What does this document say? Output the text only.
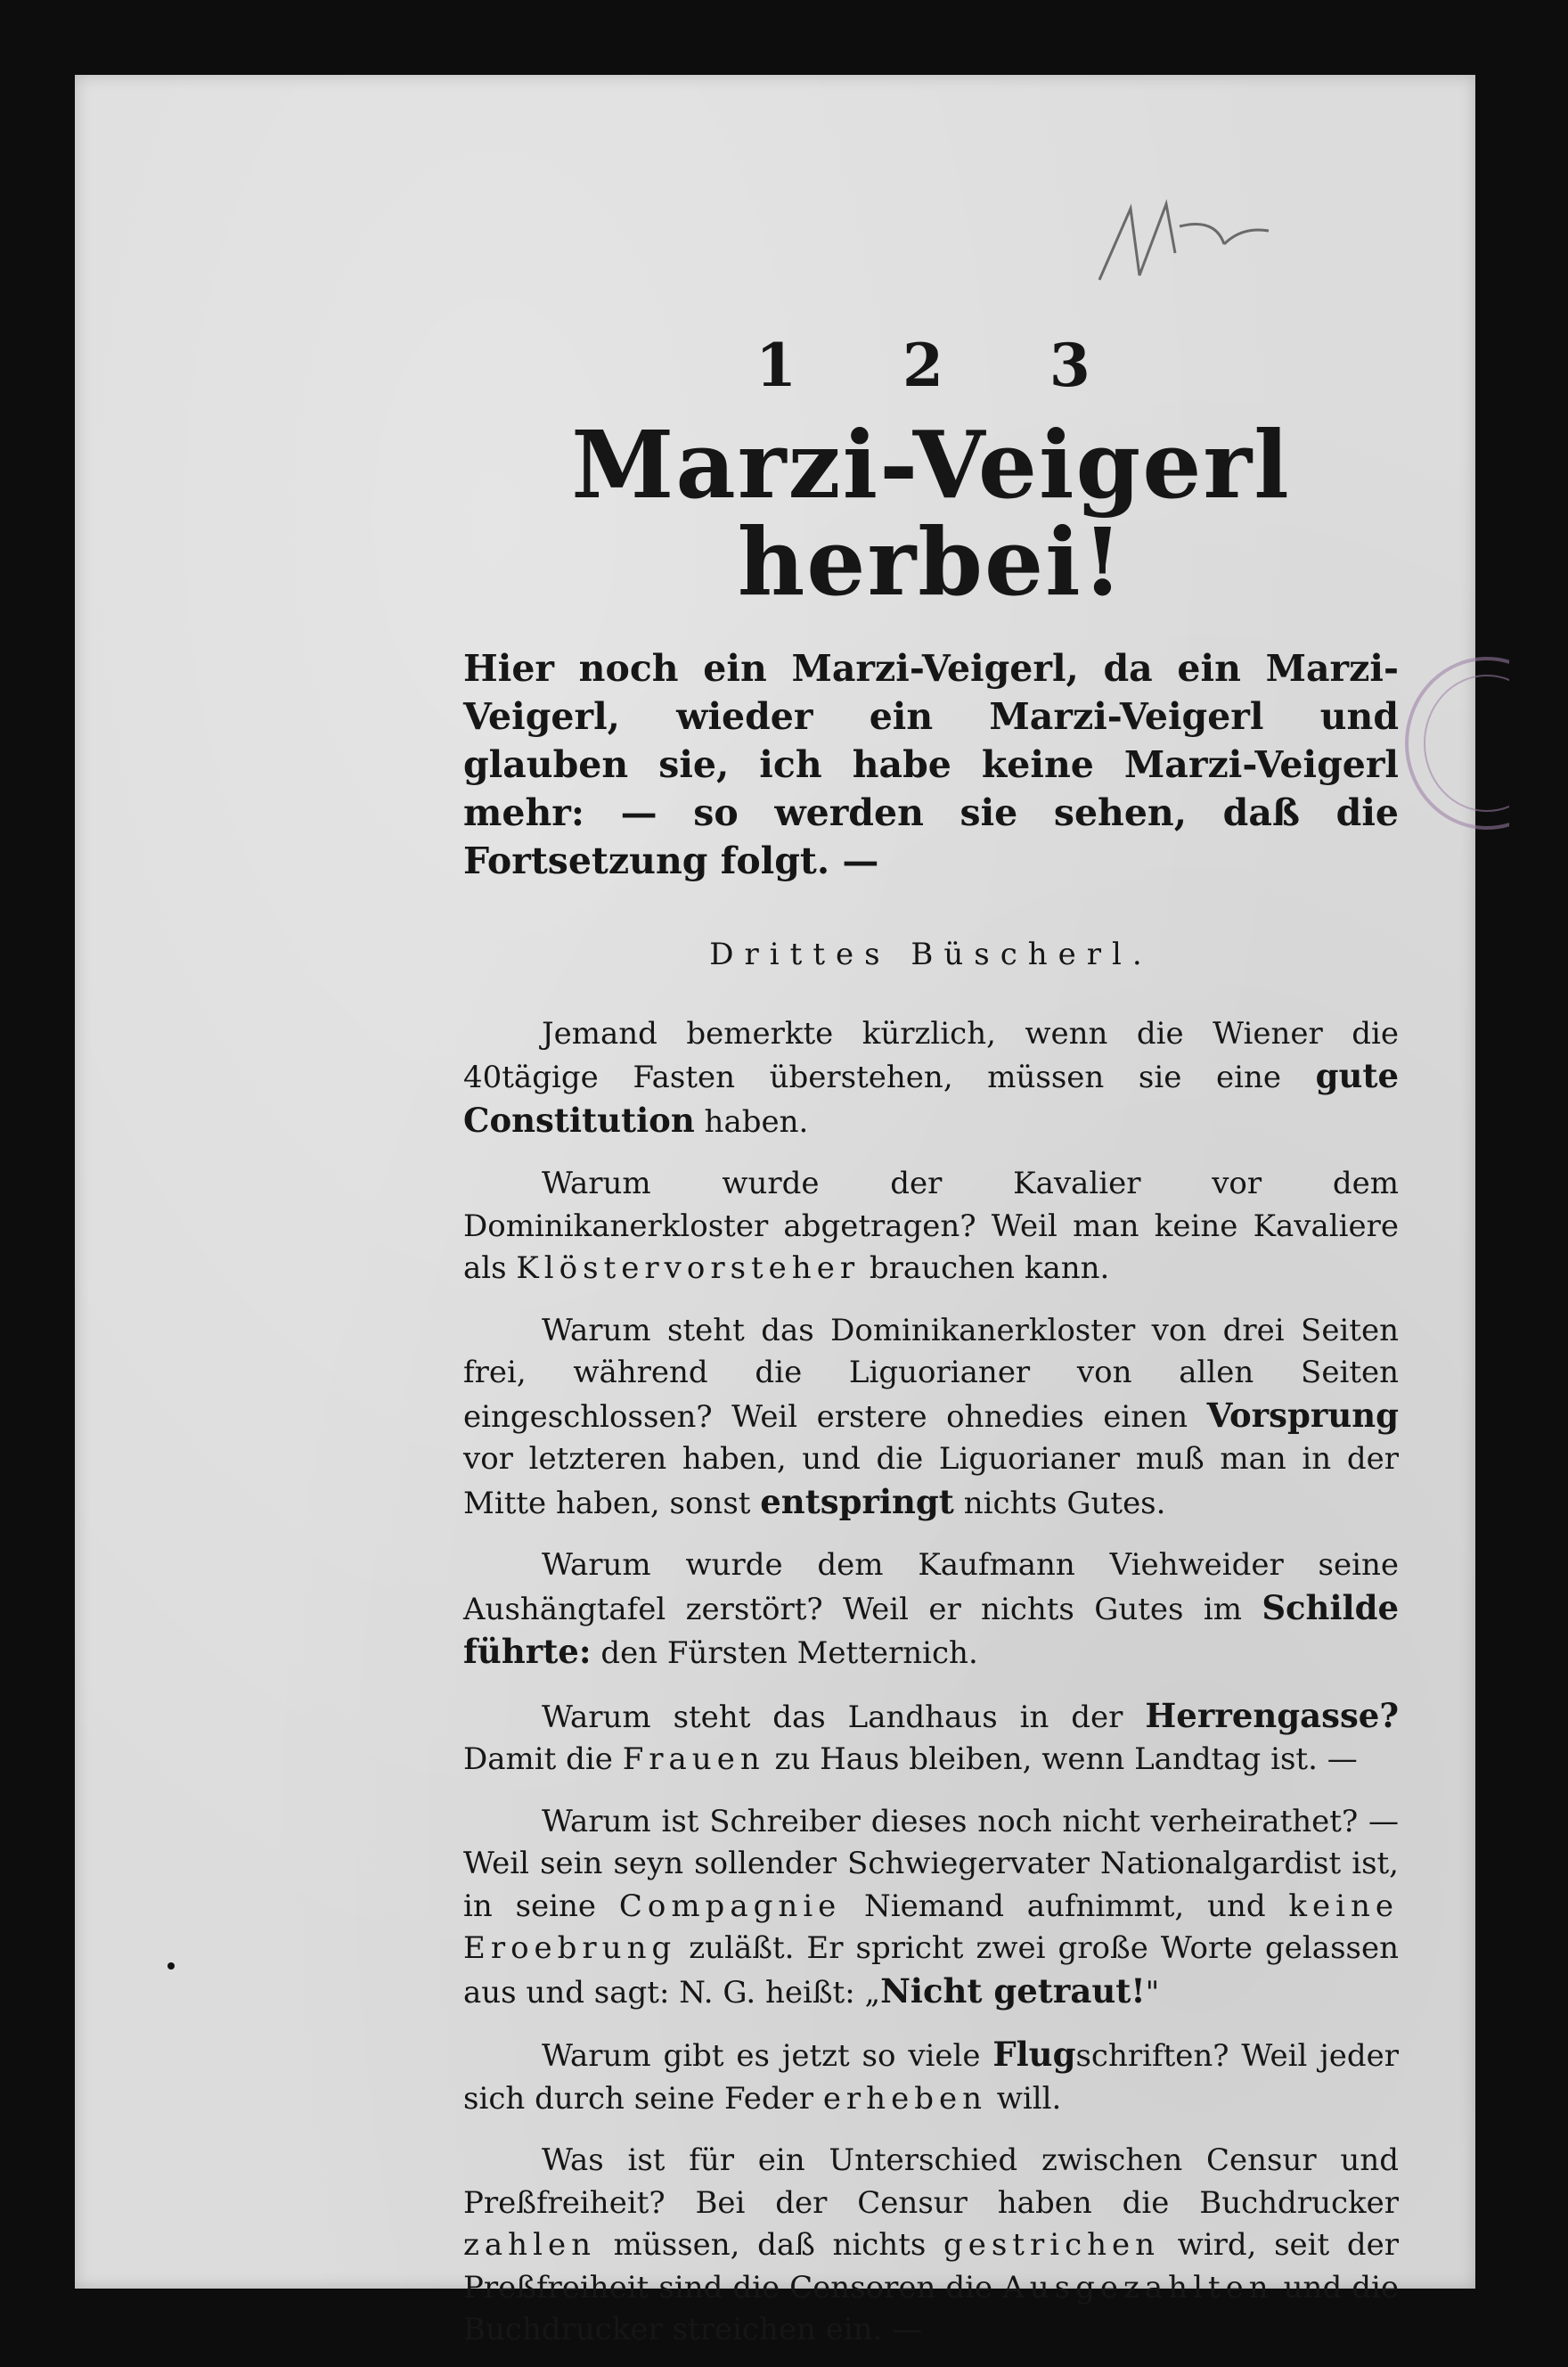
1 2 3
Marzi-Veigerl herbei!

Hier noch ein Marzi-Veigerl, da ein Marzi-Veigerl, wieder ein Marzi-Veigerl und glauben sie, ich habe keine Marzi-Veigerl mehr: — so werden sie sehen, daß die Fortsetzung folgt. —

Drittes Büscherl.

Jemand bemerkte kürzlich, wenn die Wiener die 40tägige Fasten überstehen, müssen sie eine gute Constitution haben.

Warum wurde der Kavalier vor dem Dominikanerkloster abgetragen? Weil man keine Kavaliere als Klöstervorsteher brauchen kann.

Warum steht das Dominikanerkloster von drei Seiten frei, während die Liguorianer von allen Seiten eingeschlossen? Weil erstere ohnedies einen Vorsprung vor letzteren haben, und die Liguorianer muß man in der Mitte haben, sonst entspringt nichts Gutes.

Warum wurde dem Kaufmann Viehweider seine Aushängtafel zerstört? Weil er nichts Gutes im Schilde führte: den Fürsten Metternich.

Warum steht das Landhaus in der Herrengasse? Damit die Frauen zu Haus bleiben, wenn Landtag ist. —

Warum ist Schreiber dieses noch nicht verheirathet? — Weil sein seyn sollender Schwiegervater Nationalgardist ist, in seine Compagnie Niemand aufnimmt, und keine Eroebrung zuläßt. Er spricht zwei große Worte gelassen aus und sagt: N. G. heißt: „Nicht getraut!"

Warum gibt es jetzt so viele Flugschriften? Weil jeder sich durch seine Feder erheben will.

Was ist für ein Unterschied zwischen Censur und Preßfreiheit? Bei der Censur haben die Buchdrucker zahlen müssen, daß nichts gestrichen wird, seit der Preßfreiheit sind die Censoren die Ausgezahlten und die Buchdrucker streichen ein. —
